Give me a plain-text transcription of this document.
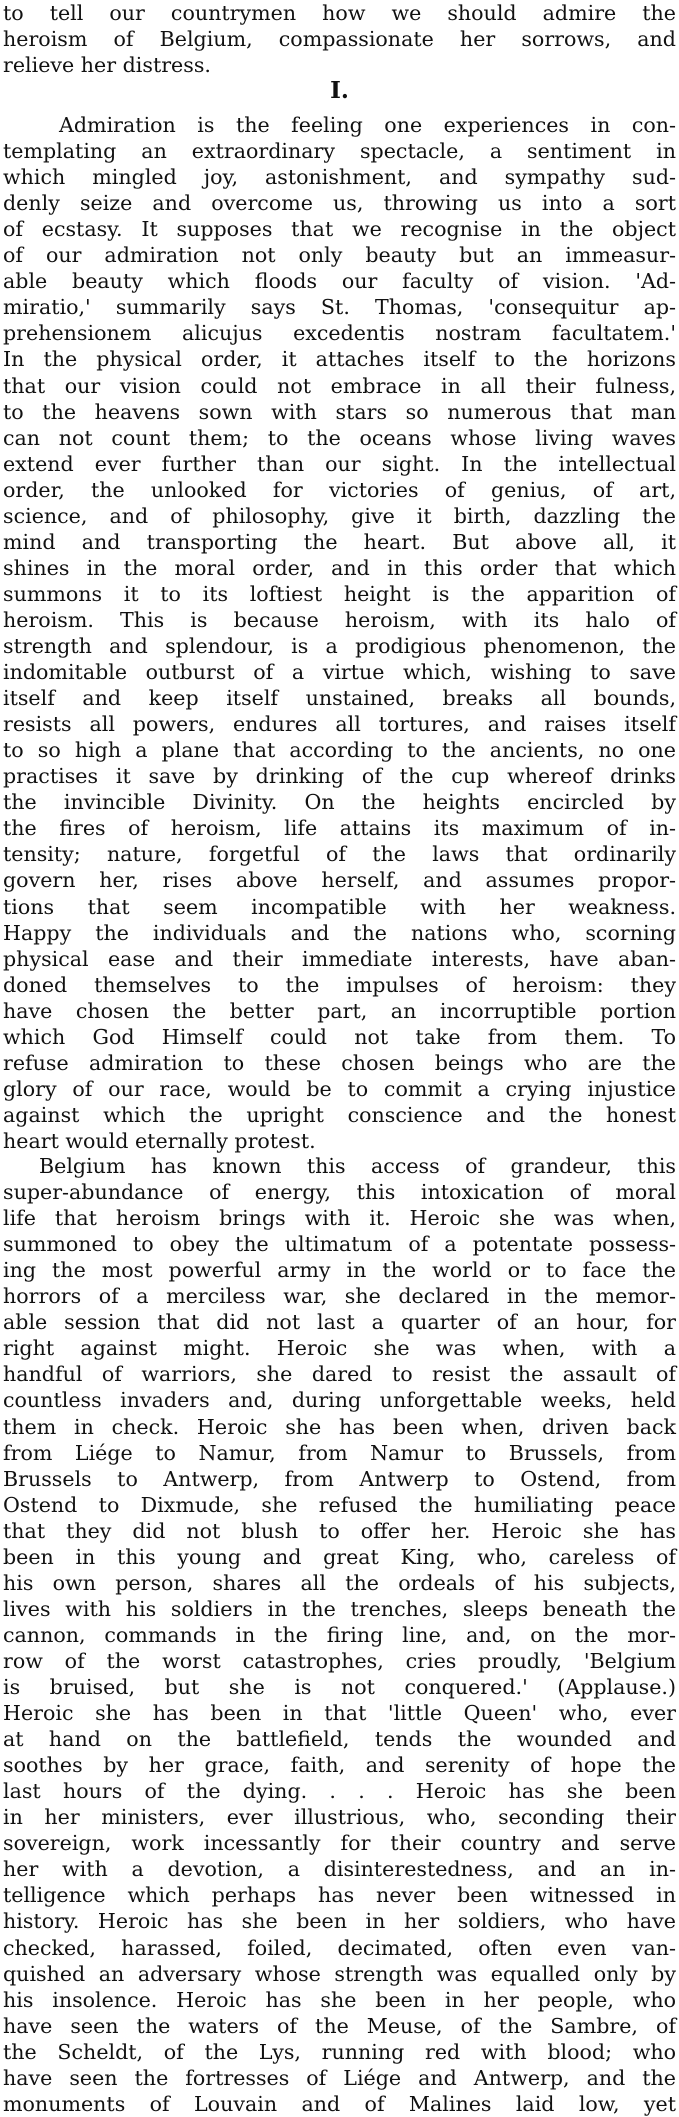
to tell our countrymen how we should admire the
heroism of Belgium, compassionate her sorrows, and
relieve her distress.
I.
Admiration is the feeling one experiences in con-
templating an extraordinary spectacle, a sentiment in
which mingled joy, astonishment, and sympathy sud-
denly seize and overcome us, throwing us into a sort
of ecstasy. It supposes that we recognise in the object
of our admiration not only beauty but an immeasur-
able beauty which floods our faculty of vision. 'Ad-
miratio,' summarily says St. Thomas, 'consequitur ap-
prehensionem alicujus excedentis nostram facultatem.'
In the physical order, it attaches itself to the horizons
that our vision could not embrace in all their fulness,
to the heavens sown with stars so numerous that man
can not count them; to the oceans whose living waves
extend ever further than our sight. In the intellectual
order, the unlooked for victories of genius, of art,
science, and of philosophy, give it birth, dazzling the
mind and transporting the heart. But above all, it
shines in the moral order, and in this order that which
summons it to its loftiest height is the apparition of
heroism. This is because heroism, with its halo of
strength and splendour, is a prodigious phenomenon, the
indomitable outburst of a virtue which, wishing to save
itself and keep itself unstained, breaks all bounds,
resists all powers, endures all tortures, and raises itself
to so high a plane that according to the ancients, no one
practises it save by drinking of the cup whereof drinks
the invincible Divinity. On the heights encircled by
the fires of heroism, life attains its maximum of in-
tensity; nature, forgetful of the laws that ordinarily
govern her, rises above herself, and assumes propor-
tions that seem incompatible with her weakness.
Happy the individuals and the nations who, scorning
physical ease and their immediate interests, have aban-
doned themselves to the impulses of heroism: they
have chosen the better part, an incorruptible portion
which God Himself could not take from them. To
refuse admiration to these chosen beings who are the
glory of our race, would be to commit a crying injustice
against which the upright conscience and the honest
heart would eternally protest.
Belgium has known this access of grandeur, this
super-abundance of energy, this intoxication of moral
life that heroism brings with it. Heroic she was when,
summoned to obey the ultimatum of a potentate possess-
ing the most powerful army in the world or to face the
horrors of a merciless war, she declared in the memor-
able session that did not last a quarter of an hour, for
right against might. Heroic she was when, with a
handful of warriors, she dared to resist the assault of
countless invaders and, during unforgettable weeks, held
them in check. Heroic she has been when, driven back
from Liége to Namur, from Namur to Brussels, from
Brussels to Antwerp, from Antwerp to Ostend, from
Ostend to Dixmude, she refused the humiliating peace
that they did not blush to offer her. Heroic she has
been in this young and great King, who, careless of
his own person, shares all the ordeals of his subjects,
lives with his soldiers in the trenches, sleeps beneath the
cannon, commands in the firing line, and, on the mor-
row of the worst catastrophes, cries proudly, 'Belgium
is bruised, but she is not conquered.' (Applause.)
Heroic she has been in that 'little Queen' who, ever
at hand on the battlefield, tends the wounded and
soothes by her grace, faith, and serenity of hope the
last hours of the dying. . . . Heroic has she been
in her ministers, ever illustrious, who, seconding their
sovereign, work incessantly for their country and serve
her with a devotion, a disinterestedness, and an in-
telligence which perhaps has never been witnessed in
history. Heroic has she been in her soldiers, who have
checked, harassed, foiled, decimated, often even van-
quished an adversary whose strength was equalled only by
his insolence. Heroic has she been in her people, who
have seen the waters of the Meuse, of the Sambre, of
the Scheldt, of the Lys, running red with blood; who
have seen the fortresses of Liége and Antwerp, and the
monuments of Louvain and of Malines laid low, yet
